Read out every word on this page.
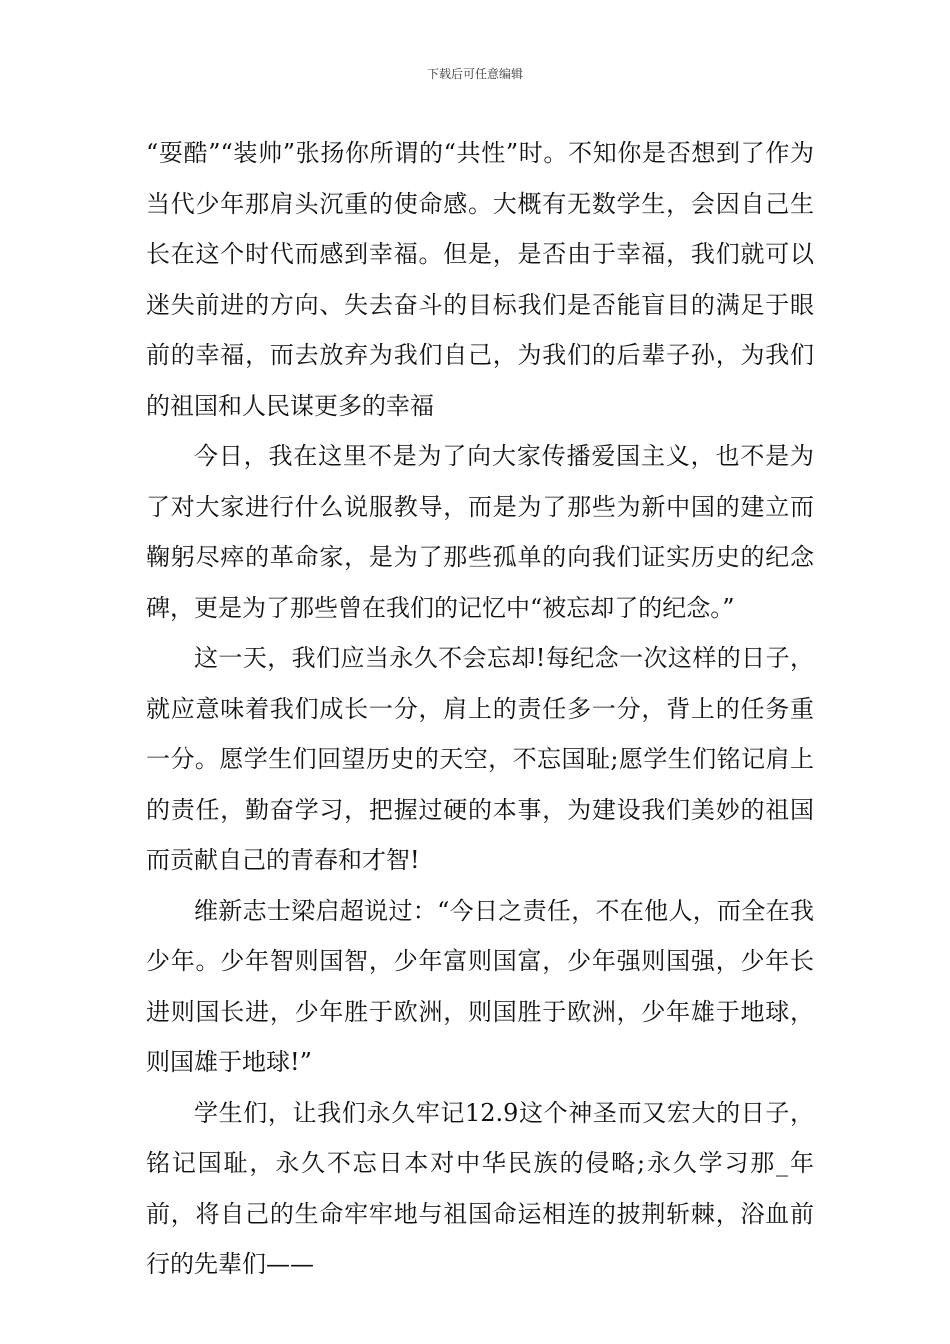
下载后可任意编辑

“耍酷”“装帅”张扬你所谓的“共性”时。不知你是否想到了作为当代少年那肩头沉重的使命感。大概有无数学生，会因自己生长在这个时代而感到幸福。但是，是否由于幸福，我们就可以迷失前进的方向、失去奋斗的目标我们是否能盲目的满足于眼前的幸福，而去放弃为我们自己，为我们的后辈子孙，为我们的祖国和人民谋更多的幸福

今日，我在这里不是为了向大家传播爱国主义，也不是为了对大家进行什么说服教导，而是为了那些为新中国的建立而鞠躬尽瘁的革命家，是为了那些孤单的向我们证实历史的纪念碑，更是为了那些曾在我们的记忆中“被忘却了的纪念。”

这一天，我们应当永久不会忘却!每纪念一次这样的日子，就应意味着我们成长一分，肩上的责任多一分，背上的任务重一分。愿学生们回望历史的天空，不忘国耻;愿学生们铭记肩上的责任，勤奋学习，把握过硬的本事，为建设我们美妙的祖国而贡献自己的青春和才智!

维新志士梁启超说过：“今日之责任，不在他人，而全在我少年。少年智则国智，少年富则国富，少年强则国强，少年长进则国长进，少年胜于欧洲，则国胜于欧洲，少年雄于地球，则国雄于地球!”

学生们，让我们永久牢记12.9这个神圣而又宏大的日子，铭记国耻，永久不忘日本对中华民族的侵略;永久学习那_年前，将自己的生命牢牢地与祖国命运相连的披荆斩棘，浴血前行的先辈们——
